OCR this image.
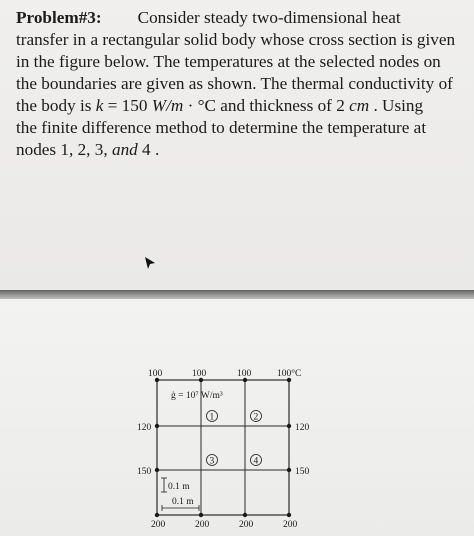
Problem#3: Consider steady two-dimensional heat

transfer in a rectangular solid body whose cross section is given

in the figure below. The temperatures at the selected nodes on

the boundaries are given as shown. The thermal conductivity of

the body is k = 150 W/m · °C and thickness of 2 cm . Using

the finite difference method to determine the temperature at

nodes 1, 2, 3, and 4 .

100	100	100	100°C
120
150
120
150
200	200	200	200
ġ = 10⁷ W/m³
1	2
3	4
0.1 m
0.1 m
